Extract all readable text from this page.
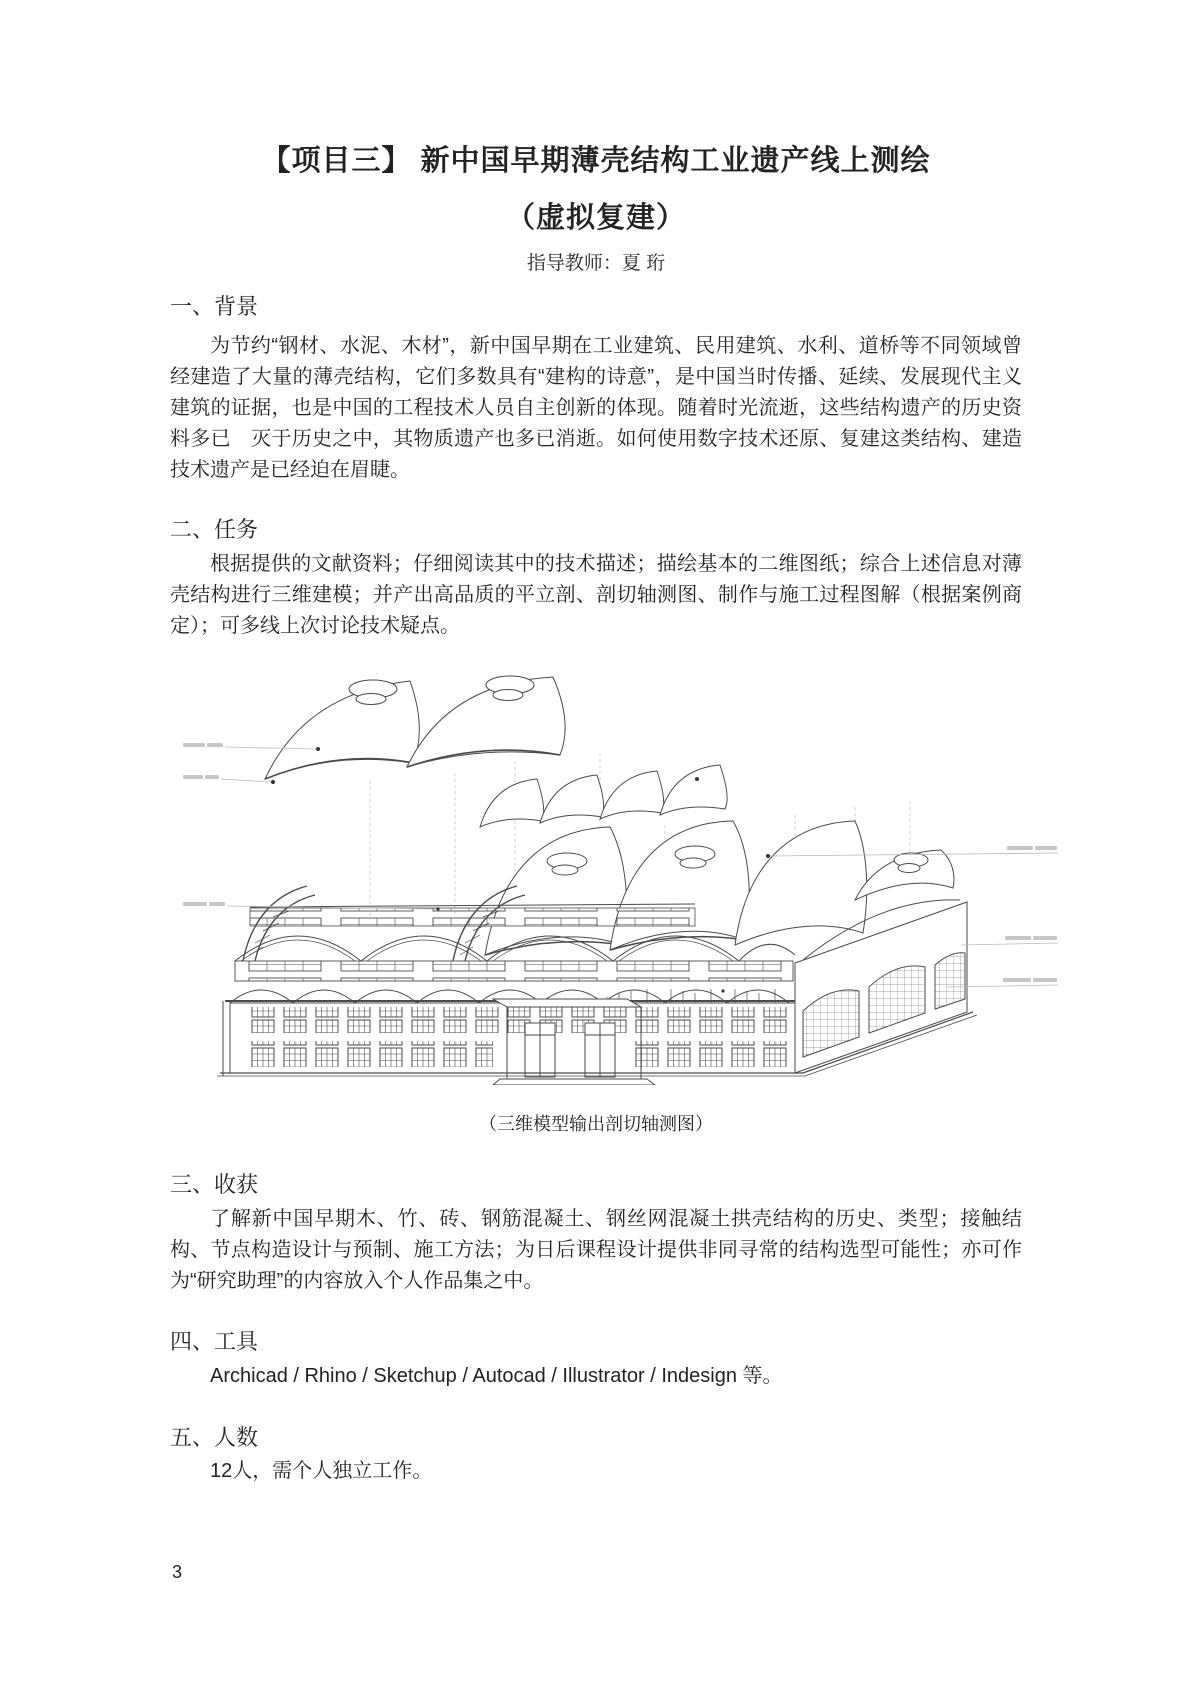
【项目三】 新中国早期薄壳结构工业遗产线上测绘
（虚拟复建）
指导教师：夏 珩
一、背景
为节约“钢材、水泥、木材”，新中国早期在工业建筑、民用建筑、水利、道桥等不同领域曾经建造了大量的薄壳结构，它们多数具有“建构的诗意”，是中国当时传播、延续、发展现代主义建筑的证据，也是中国的工程技术人员自主创新的体现。随着时光流逝，这些结构遗产的历史资料多已　灭于历史之中，其物质遗产也多已消逝。如何使用数字技术还原、复建这类结构、建造技术遗产是已经迫在眉睫。
二、任务
根据提供的文献资料；仔细阅读其中的技术描述；描绘基本的二维图纸；综合上述信息对薄壳结构进行三维建模；并产出高品质的平立剖、剖切轴测图、制作与施工过程图解（根据案例商定）；可多线上次讨论技术疑点。
（三维模型输出剖切轴测图）
三、收获
了解新中国早期木、竹、砖、钢筋混凝土、钢丝网混凝土拱壳结构的历史、类型；接触结构、节点构造设计与预制、施工方法；为日后课程设计提供非同寻常的结构选型可能性；亦可作为“研究助理”的内容放入个人作品集之中。
四、工具
Archicad / Rhino / Sketchup / Autocad / Illustrator / Indesign 等。
五、人数
12人，需个人独立工作。
3
